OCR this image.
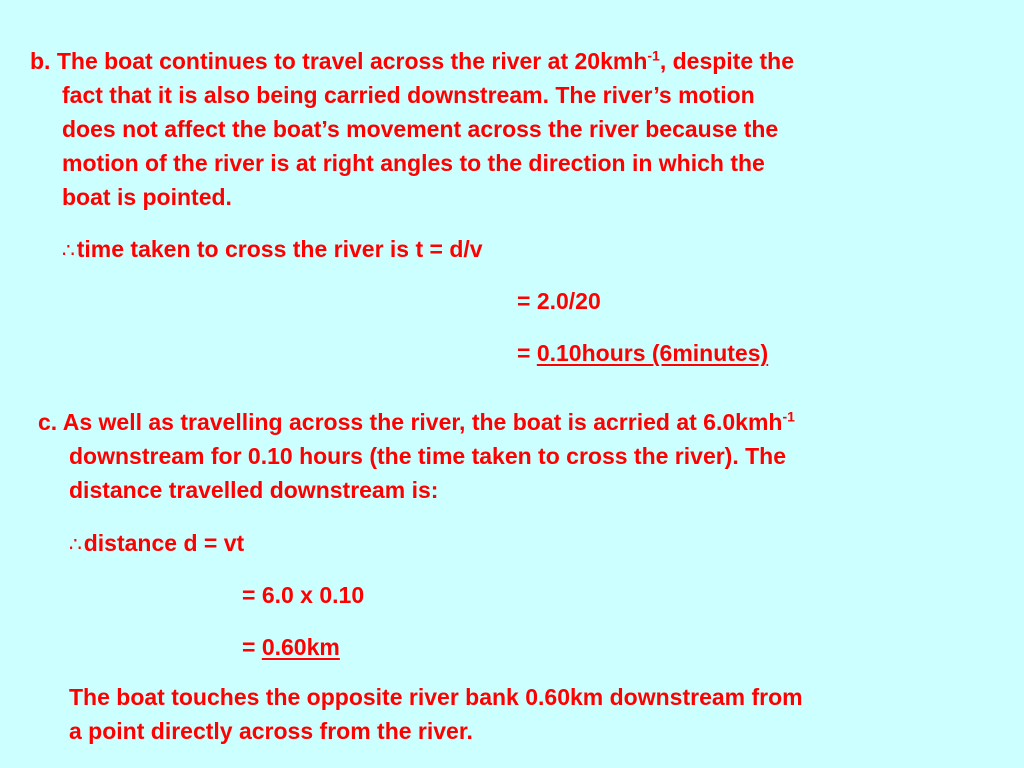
b. The boat continues to travel across the river at 20kmh$^{-1}$, despite the
fact that it is also being carried downstream. The river’s motion
does not affect the boat’s movement across the river because the
motion of the river is at right angles to the direction in which the
boat is pointed.
∴time taken to cross the river is t = d/v
= 2.0/20
= 0.10hours (6minutes)
c. As well as travelling across the river, the boat is acrried at 6.0kmh$^{-1}$
downstream for 0.10 hours (the time taken to cross the river). The
distance travelled downstream is:
∴distance d = vt
= 6.0 x 0.10
= 0.60km
The boat touches the opposite river bank 0.60km downstream from
a point directly across from the river.
